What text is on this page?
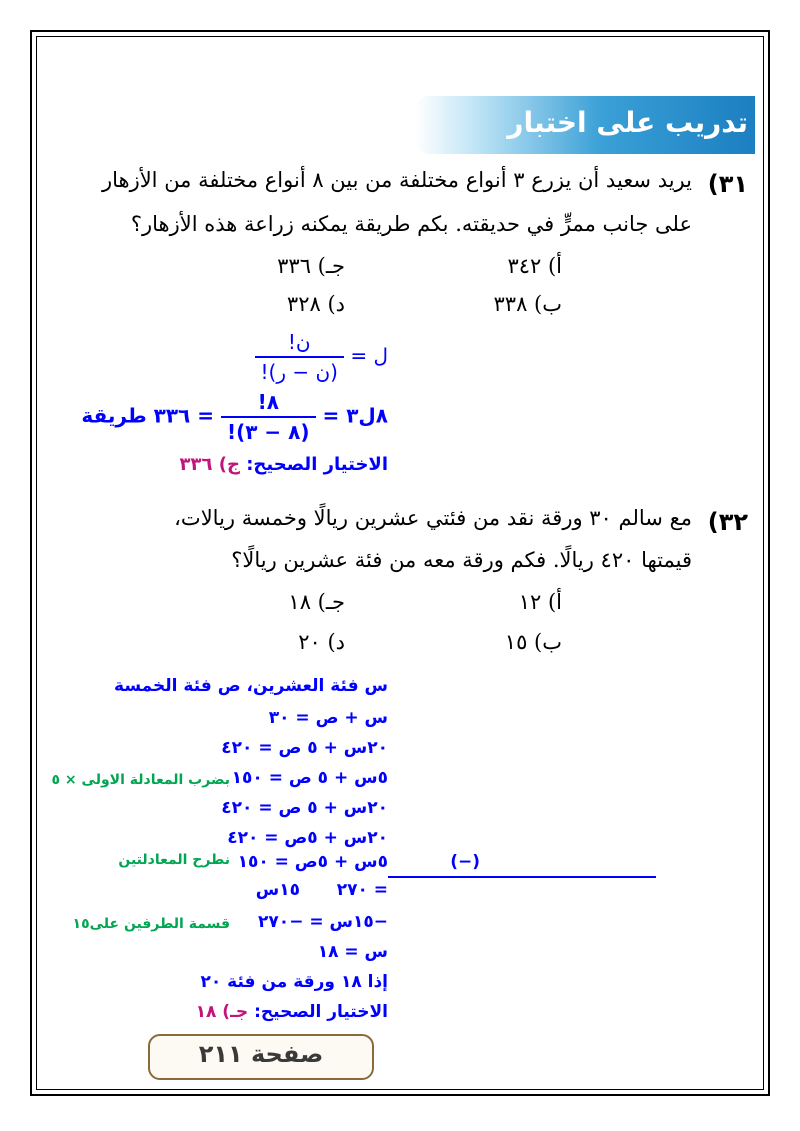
تدريب على اختبار
٣١)
يريد سعيد أن يزرع ٣ أنواع مختلفة من بين ٨ أنواع مختلفة من الأزهار
على جانب ممرٍّ في حديقته. بكم طريقة يمكنه زراعة هذه الأزهار؟
أ) ٣٤٢
جـ) ٣٣٦
ب) ٣٣٨
د) ٣٢٨
ل =
$\frac{\text{ن!}}{\text{(ن − ر)!}}$
٨ل٣ =
$\frac{٨!}{(٨ - ٣)!}$
= ٣٣٦ طريقة
الاختيار الصحيح: ج) ٣٣٦
٣٢)
مع سالم ٣٠ ورقة نقد من فئتي عشرين ريالًا وخمسة ريالات،
قيمتها ٤٢٠ ريالًا. فكم ورقة معه من فئة عشرين ريالًا؟
أ) ١٢
جـ) ١٨
ب) ١٥
د) ٢٠
س فئة العشرين، ص فئة الخمسة
س + ص = ٣٠
٢٠س + ٥ ص = ٤٢٠
٥س + ٥ ص = ١٥٠
بضرب المعادلة الاولى × ٥
٢٠س + ٥ ص = ٤٢٠
٢٠س + ٥ص = ٤٢٠
٥س + ٥ص = ١٥٠	(−)
نطرح المعادلتين
= ٢٧٠
١٥س
−١٥س = −٢٧٠
قسمة الطرفين على١٥
س = ١٨
إذا ١٨ ورقة من فئة ٢٠
الاختيار الصحيح: جـ) ١٨
صفحة ٢١١
